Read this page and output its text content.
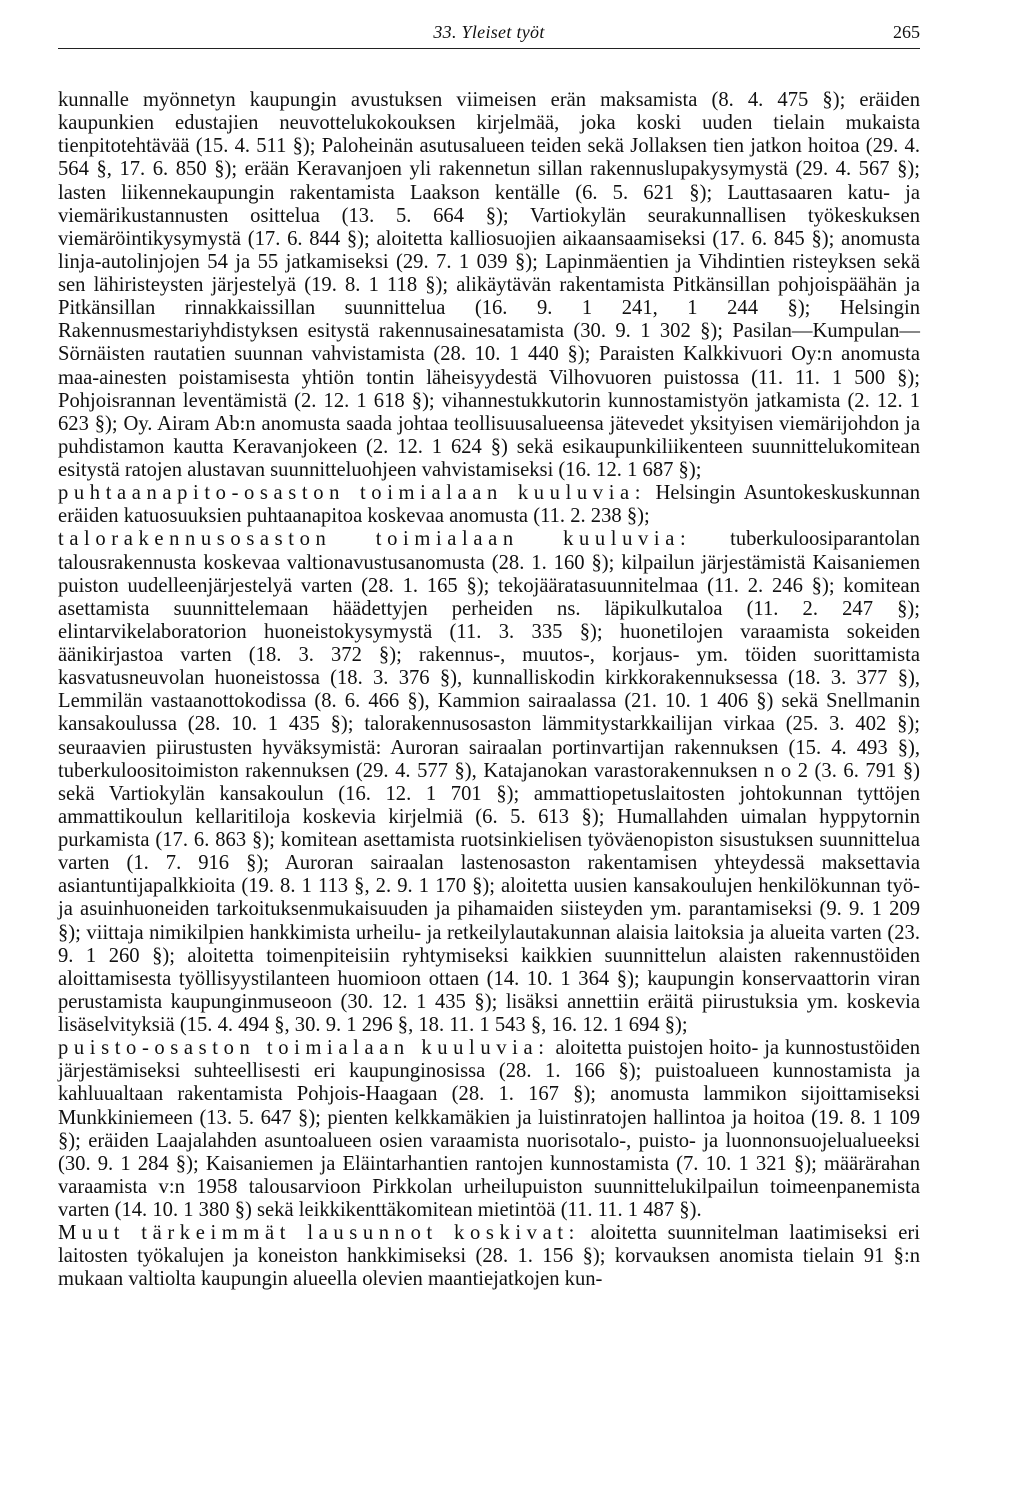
33. Yleiset työt	265

kunnalle myönnetyn kaupungin avustuksen viimeisen erän maksamista (8. 4. 475 §); eräiden kaupunkien edustajien neuvottelukokouksen kirjelmää, joka koski uuden tielain mukaista tienpitotehtävää (15. 4. 511 §); Paloheinän asutusalueen teiden sekä Jollaksen tien jatkon hoitoa (29. 4. 564 §, 17. 6. 850 §); erään Keravanjoen yli rakennetun sillan rakennuslupakysymystä (29. 4. 567 §); lasten liikennekaupungin rakentamista Laakson kentälle (6. 5. 621 §); Lauttasaaren katu- ja viemärikustannusten osittelua (13. 5. 664 §); Vartiokylän seurakunnallisen työkeskuksen viemäröintikysymystä (17. 6. 844 §); aloitetta kalliosuojien aikaansaamiseksi (17. 6. 845 §); anomusta linja-autolinjojen 54 ja 55 jatkamiseksi (29. 7. 1 039 §); Lapinmäentien ja Vihdintien risteyksen sekä sen lähiristeysten järjestelyä (19. 8. 1 118 §); alikäytävän rakentamista Pitkänsillan pohjoispäähän ja Pitkänsillan rinnakkaissillan suunnittelua (16. 9. 1 241, 1 244 §); Helsingin Rakennusmestariyhdistyksen esitystä rakennusainesatamista (30. 9. 1 302 §); Pasilan—Kumpulan—Sörnäisten rautatien suunnan vahvistamista (28. 10. 1 440 §); Paraisten Kalkkivuori Oy:n anomusta maa-ainesten poistamisesta yhtiön tontin läheisyydestä Vilhovuoren puistossa (11. 11. 1 500 §); Pohjoisrannan leventämistä (2. 12. 1 618 §); vihannestukkutorin kunnostamistyön jatkamista (2. 12. 1 623 §); Oy. Airam Ab:n anomusta saada johtaa teollisuusalueensa jätevedet yksityisen viemärijohdon ja puhdistamon kautta Keravanjokeen (2. 12. 1 624 §) sekä esikaupunkiliikenteen suunnittelukomitean esitystä ratojen alustavan suunnitteluohjeen vahvistamiseksi (16. 12. 1 687 §);

puhtaanapito-osaston toimialaan kuuluvia: Helsingin Asuntokeskuskunnan eräiden katuosuuksien puhtaanapitoa koskevaa anomusta (11. 2. 238 §);

talorakennusosaston toimialaan kuuluvia: tuberkuloosiparantolan talousrakennusta koskevaa valtionavustusanomusta (28. 1. 160 §); kilpailun järjestämistä Kaisaniemen puiston uudelleenjärjestelyä varten (28. 1. 165 §); tekojääratasuunnitelmaa (11. 2. 246 §); komitean asettamista suunnittelemaan häädettyjen perheiden ns. läpikulkutaloa (11. 2. 247 §); elintarvikelaboratorion huoneistokysymystä (11. 3. 335 §); huonetilojen varaamista sokeiden äänikirjastoa varten (18. 3. 372 §); rakennus-, muutos-, korjaus- ym. töiden suorittamista kasvatusneuvolan huoneistossa (18. 3. 376 §), kunnalliskodin kirkkorakennuksessa (18. 3. 377 §), Lemmilän vastaanottokodissa (8. 6. 466 §), Kammion sairaalassa (21. 10. 1 406 §) sekä Snellmanin kansakoulussa (28. 10. 1 435 §); talorakennusosaston lämmitystarkkailijan virkaa (25. 3. 402 §); seuraavien piirustusten hyväksymistä: Auroran sairaalan portinvartijan rakennuksen (15. 4. 493 §), tuberkuloositoimiston rakennuksen (29. 4. 577 §), Katajanokan varastorakennuksen n o 2 (3. 6. 791 §) sekä Vartiokylän kansakoulun (16. 12. 1 701 §); ammattiopetuslaitosten johtokunnan tyttöjen ammattikoulun kellaritiloja koskevia kirjelmiä (6. 5. 613 §); Humallahden uimalan hyppytornin purkamista (17. 6. 863 §); komitean asettamista ruotsinkielisen työväenopiston sisustuksen suunnittelua varten (1. 7. 916 §); Auroran sairaalan lastenosaston rakentamisen yhteydessä maksettavia asiantuntijapalkkioita (19. 8. 1 113 §, 2. 9. 1 170 §); aloitetta uusien kansakoulujen henkilökunnan työ- ja asuinhuoneiden tarkoituksenmukaisuuden ja pihamaiden siisteyden ym. parantamiseksi (9. 9. 1 209 §); viittaja nimikilpien hankkimista urheilu- ja retkeilylautakunnan alaisia laitoksia ja alueita varten (23. 9. 1 260 §); aloitetta toimenpiteisiin ryhtymiseksi kaikkien suunnittelun alaisten rakennustöiden aloittamisesta työllisyystilanteen huomioon ottaen (14. 10. 1 364 §); kaupungin konservaattorin viran perustamista kaupunginmuseoon (30. 12. 1 435 §); lisäksi annettiin eräitä piirustuksia ym. koskevia lisäselvityksiä (15. 4. 494 §, 30. 9. 1 296 §, 18. 11. 1 543 §, 16. 12. 1 694 §);

puisto-osaston toimialaan kuuluvia: aloitetta puistojen hoito- ja kunnostustöiden järjestämiseksi suhteellisesti eri kaupunginosissa (28. 1. 166 §); puistoalueen kunnostamista ja kahluualtaan rakentamista Pohjois-Haagaan (28. 1. 167 §); anomusta lammikon sijoittamiseksi Munkkiniemeen (13. 5. 647 §); pienten kelkkamäkien ja luistinratojen hallintoa ja hoitoa (19. 8. 1 109 §); eräiden Laajalahden asuntoalueen osien varaamista nuorisotalo-, puisto- ja luonnonsuojelualueeksi (30. 9. 1 284 §); Kaisaniemen ja Eläintarhantien rantojen kunnostamista (7. 10. 1 321 §); määrärahan varaamista v:n 1958 talousarvioon Pirkkolan urheilupuiston suunnittelukilpailun toimeenpanemista varten (14. 10. 1 380 §) sekä leikkikenttäkomitean mietintöä (11. 11. 1 487 §).

Muut tärkeimmät lausunnot koskivat: aloitetta suunnitelman laatimiseksi eri laitosten työkalujen ja koneiston hankkimiseksi (28. 1. 156 §); korvauksen anomista tielain 91 §:n mukaan valtiolta kaupungin alueella olevien maantiejatkojen kun-
